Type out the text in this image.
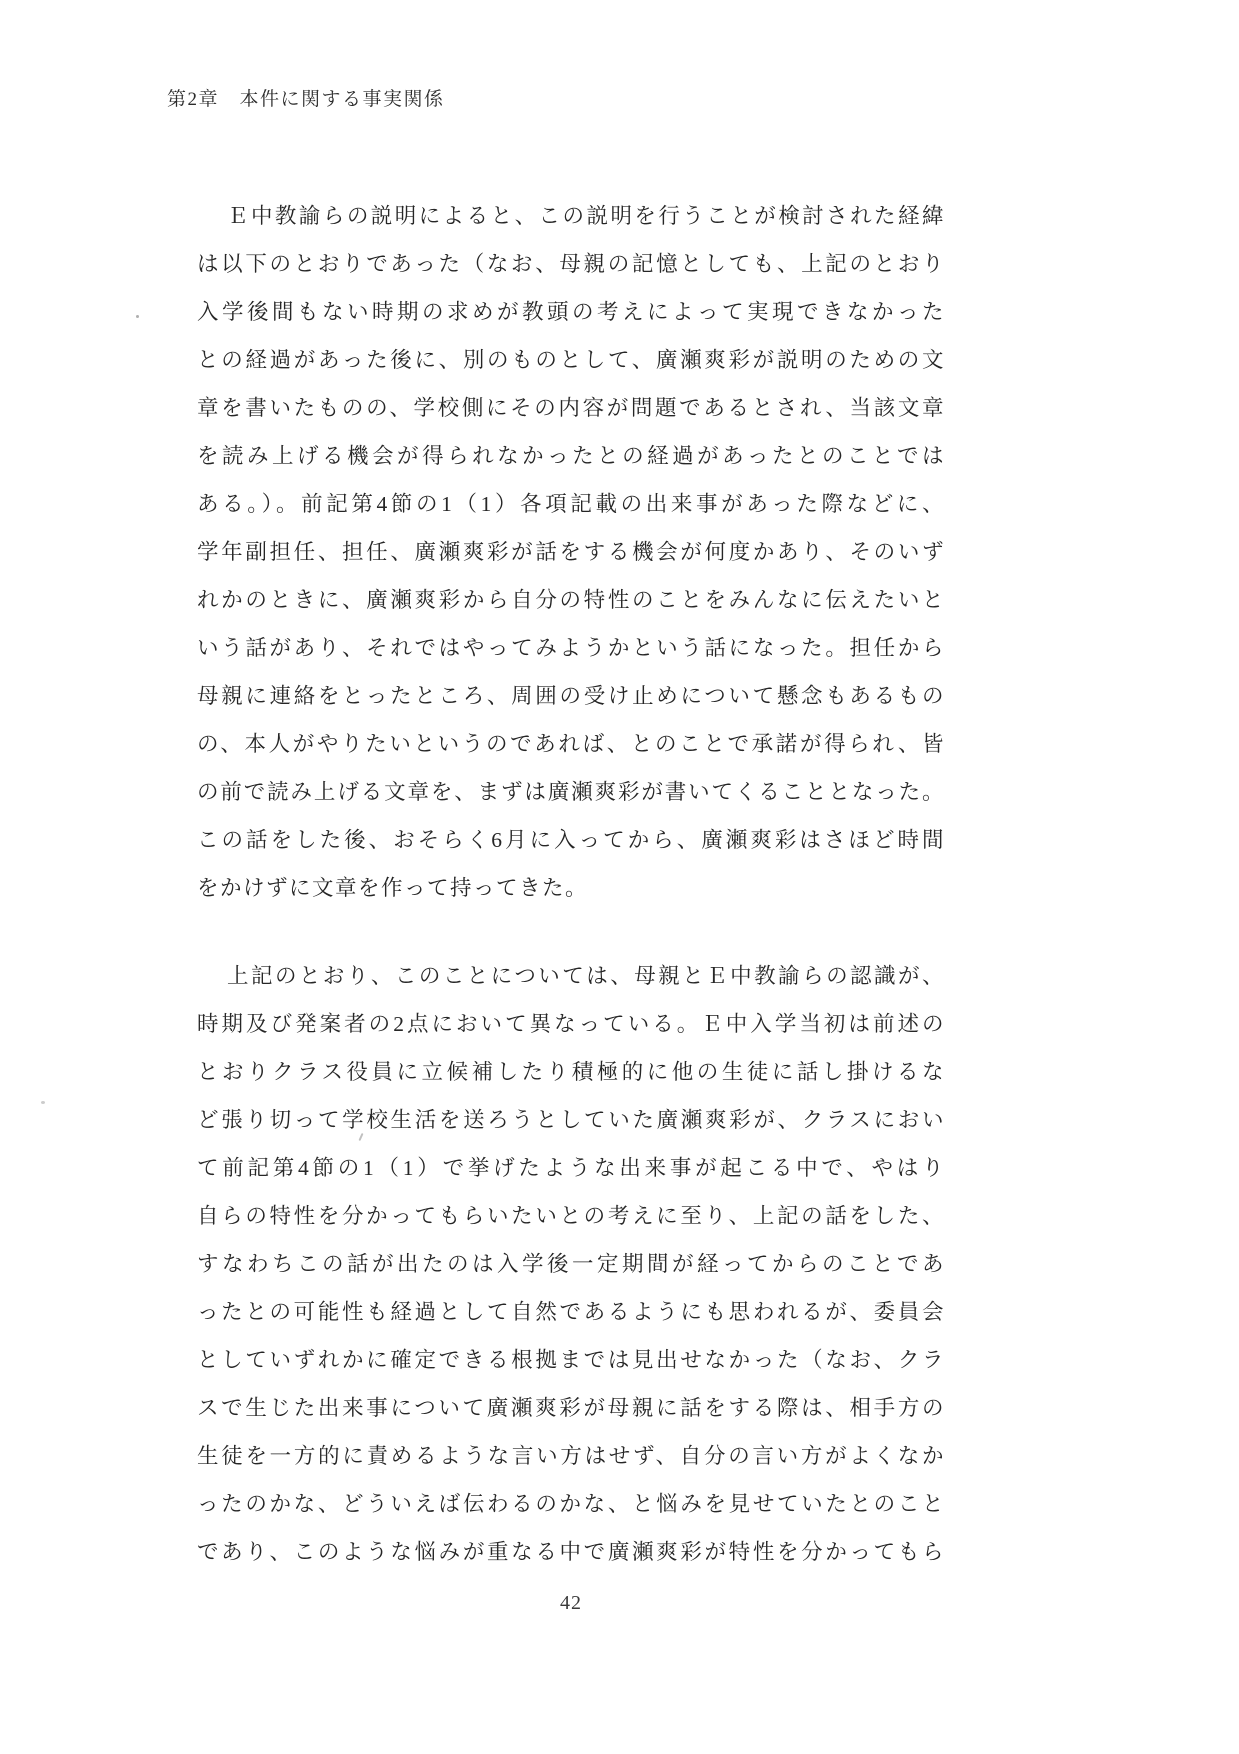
第2章　本件に関する事実関係
Ｅ中教諭らの説明によると、この説明を行うことが検討された経緯
は以下のとおりであった（なお、母親の記憶としても、上記のとおり
入学後間もない時期の求めが教頭の考えによって実現できなかった
との経過があった後に、別のものとして、廣瀬爽彩が説明のための文
章を書いたものの、学校側にその内容が問題であるとされ、当該文章
を読み上げる機会が得られなかったとの経過があったとのことでは
ある。）。前記第4節の1（1）各項記載の出来事があった際などに、
学年副担任、担任、廣瀬爽彩が話をする機会が何度かあり、そのいず
れかのときに、廣瀬爽彩から自分の特性のことをみんなに伝えたいと
いう話があり、それではやってみようかという話になった。担任から
母親に連絡をとったところ、周囲の受け止めについて懸念もあるもの
の、本人がやりたいというのであれば、とのことで承諾が得られ、皆
の前で読み上げる文章を、まずは廣瀬爽彩が書いてくることとなった。
この話をした後、おそらく6月に入ってから、廣瀬爽彩はさほど時間
をかけずに文章を作って持ってきた。
上記のとおり、このことについては、母親とＥ中教諭らの認識が、
時期及び発案者の2点において異なっている。Ｅ中入学当初は前述の
とおりクラス役員に立候補したり積極的に他の生徒に話し掛けるな
ど張り切って学校生活を送ろうとしていた廣瀬爽彩が、クラスにおい
て前記第4節の1（1）で挙げたような出来事が起こる中で、やはり
自らの特性を分かってもらいたいとの考えに至り、上記の話をした、
すなわちこの話が出たのは入学後一定期間が経ってからのことであ
ったとの可能性も経過として自然であるようにも思われるが、委員会
としていずれかに確定できる根拠までは見出せなかった（なお、クラ
スで生じた出来事について廣瀬爽彩が母親に話をする際は、相手方の
生徒を一方的に責めるような言い方はせず、自分の言い方がよくなか
ったのかな、どういえば伝わるのかな、と悩みを見せていたとのこと
であり、このような悩みが重なる中で廣瀬爽彩が特性を分かってもら
42
